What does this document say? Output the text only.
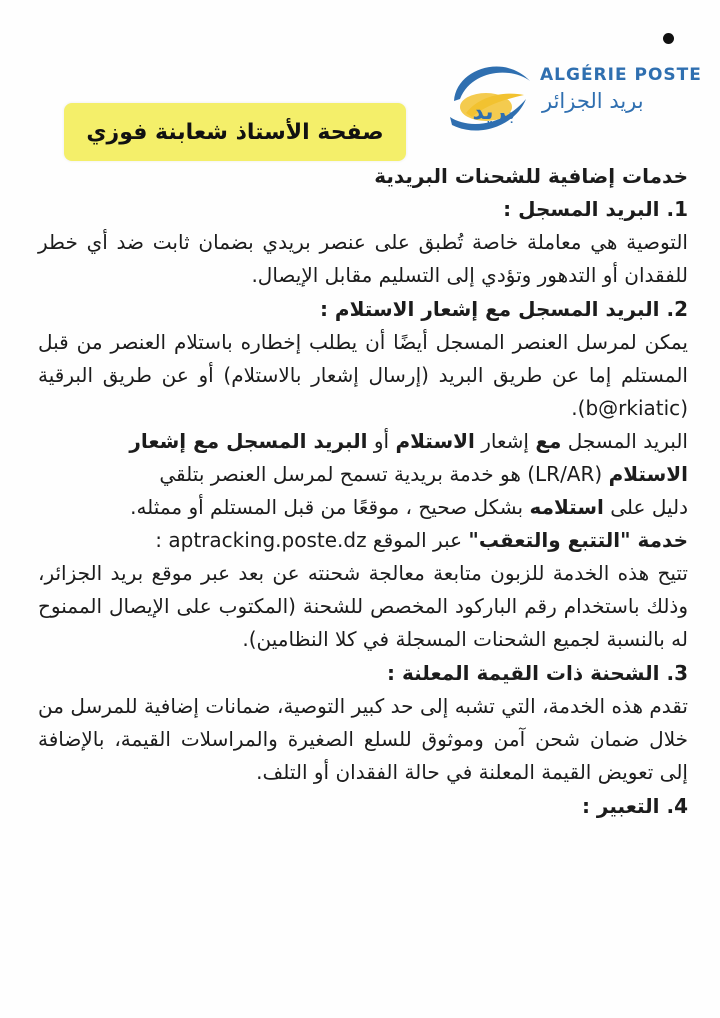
بريد
ALGÉRIE POSTE
بريد الجزائر
صفحة الأستاذ شعابنة فوزي

خدمات إضافية للشحنات البريدية

1. البريد المسجل :

التوصية هي معاملة خاصة تُطبق على عنصر بريدي بضمان ثابت ضد أي خطر للفقدان أو التدهور وتؤدي إلى التسليم مقابل الإيصال.

2. البريد المسجل مع إشعار الاستلام :

يمكن لمرسل العنصر المسجل أيضًا أن يطلب إخطاره باستلام العنصر من قبل المستلم إما عن طريق البريد (إرسال إشعار بالاستلام) أو عن طريق البرقية (b@rkiatic).

البريد المسجل مع إشعار الاستلام أو البريد المسجل مع إشعار

الاستلام (LR/AR) هو خدمة بريدية تسمح لمرسل العنصر بتلقي

دليل على استلامه بشكل صحيح ، موقعًا من قبل المستلم أو ممثله.

خدمة "التتبع والتعقب" عبر الموقع aptracking.poste.dz :

تتيح هذه الخدمة للزبون متابعة معالجة شحنته عن بعد عبر موقع بريد الجزائر، وذلك باستخدام رقم الباركود المخصص للشحنة (المكتوب على الإيصال الممنوح له بالنسبة لجميع الشحنات المسجلة في كلا النظامين).

3. الشحنة ذات القيمة المعلنة :

تقدم هذه الخدمة، التي تشبه إلى حد كبير التوصية، ضمانات إضافية للمرسل من خلال ضمان شحن آمن وموثوق للسلع الصغيرة والمراسلات القيمة، بالإضافة إلى تعويض القيمة المعلنة في حالة الفقدان أو التلف.

4. التعبير :
